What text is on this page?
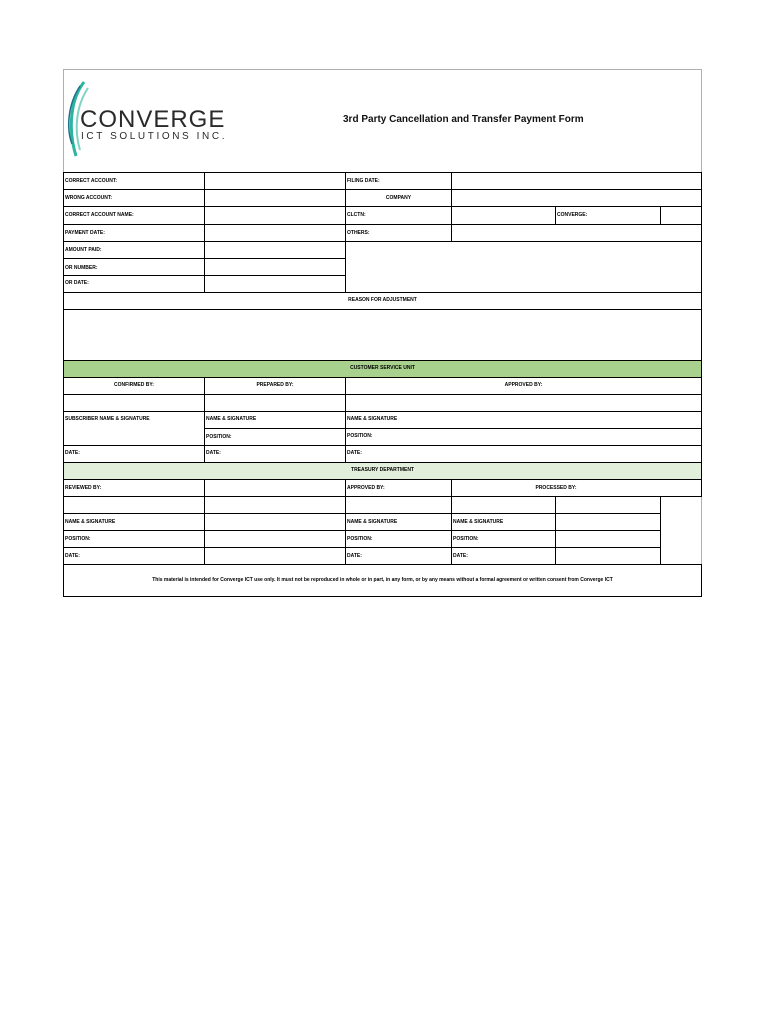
CONVERGE
ICT SOLUTIONS INC.
3rd Party Cancellation and Transfer Payment Form
CORRECT ACCOUNT:	FILING DATE:
WRONG ACCOUNT:	COMPANY
CORRECT ACCOUNT NAME:	CLCTN:	CONVERGE:
PAYMENT DATE:	OTHERS:
AMOUNT PAID:
OR NUMBER:
OR DATE:
REASON FOR ADJUSTMENT
CUSTOMER SERVICE UNIT
CONFIRMED BY:	PREPARED BY:	APPROVED BY:
SUBSCRIBER NAME & SIGNATURE	NAME & SIGNATURE	NAME & SIGNATURE
POSITION:	POSITION:
DATE:	DATE:	DATE:
TREASURY DEPARTMENT
REVIEWED BY:	APPROVED BY:	PROCESSED BY:
NAME & SIGNATURE	NAME & SIGNATURE	NAME & SIGNATURE
POSITION:	POSITION:	POSITION:
DATE:	DATE:	DATE:
This material is intended for Converge ICT use only. It must not be reproduced in whole or in part, in any form, or by any means without a formal agreement or written consent from Converge ICT
